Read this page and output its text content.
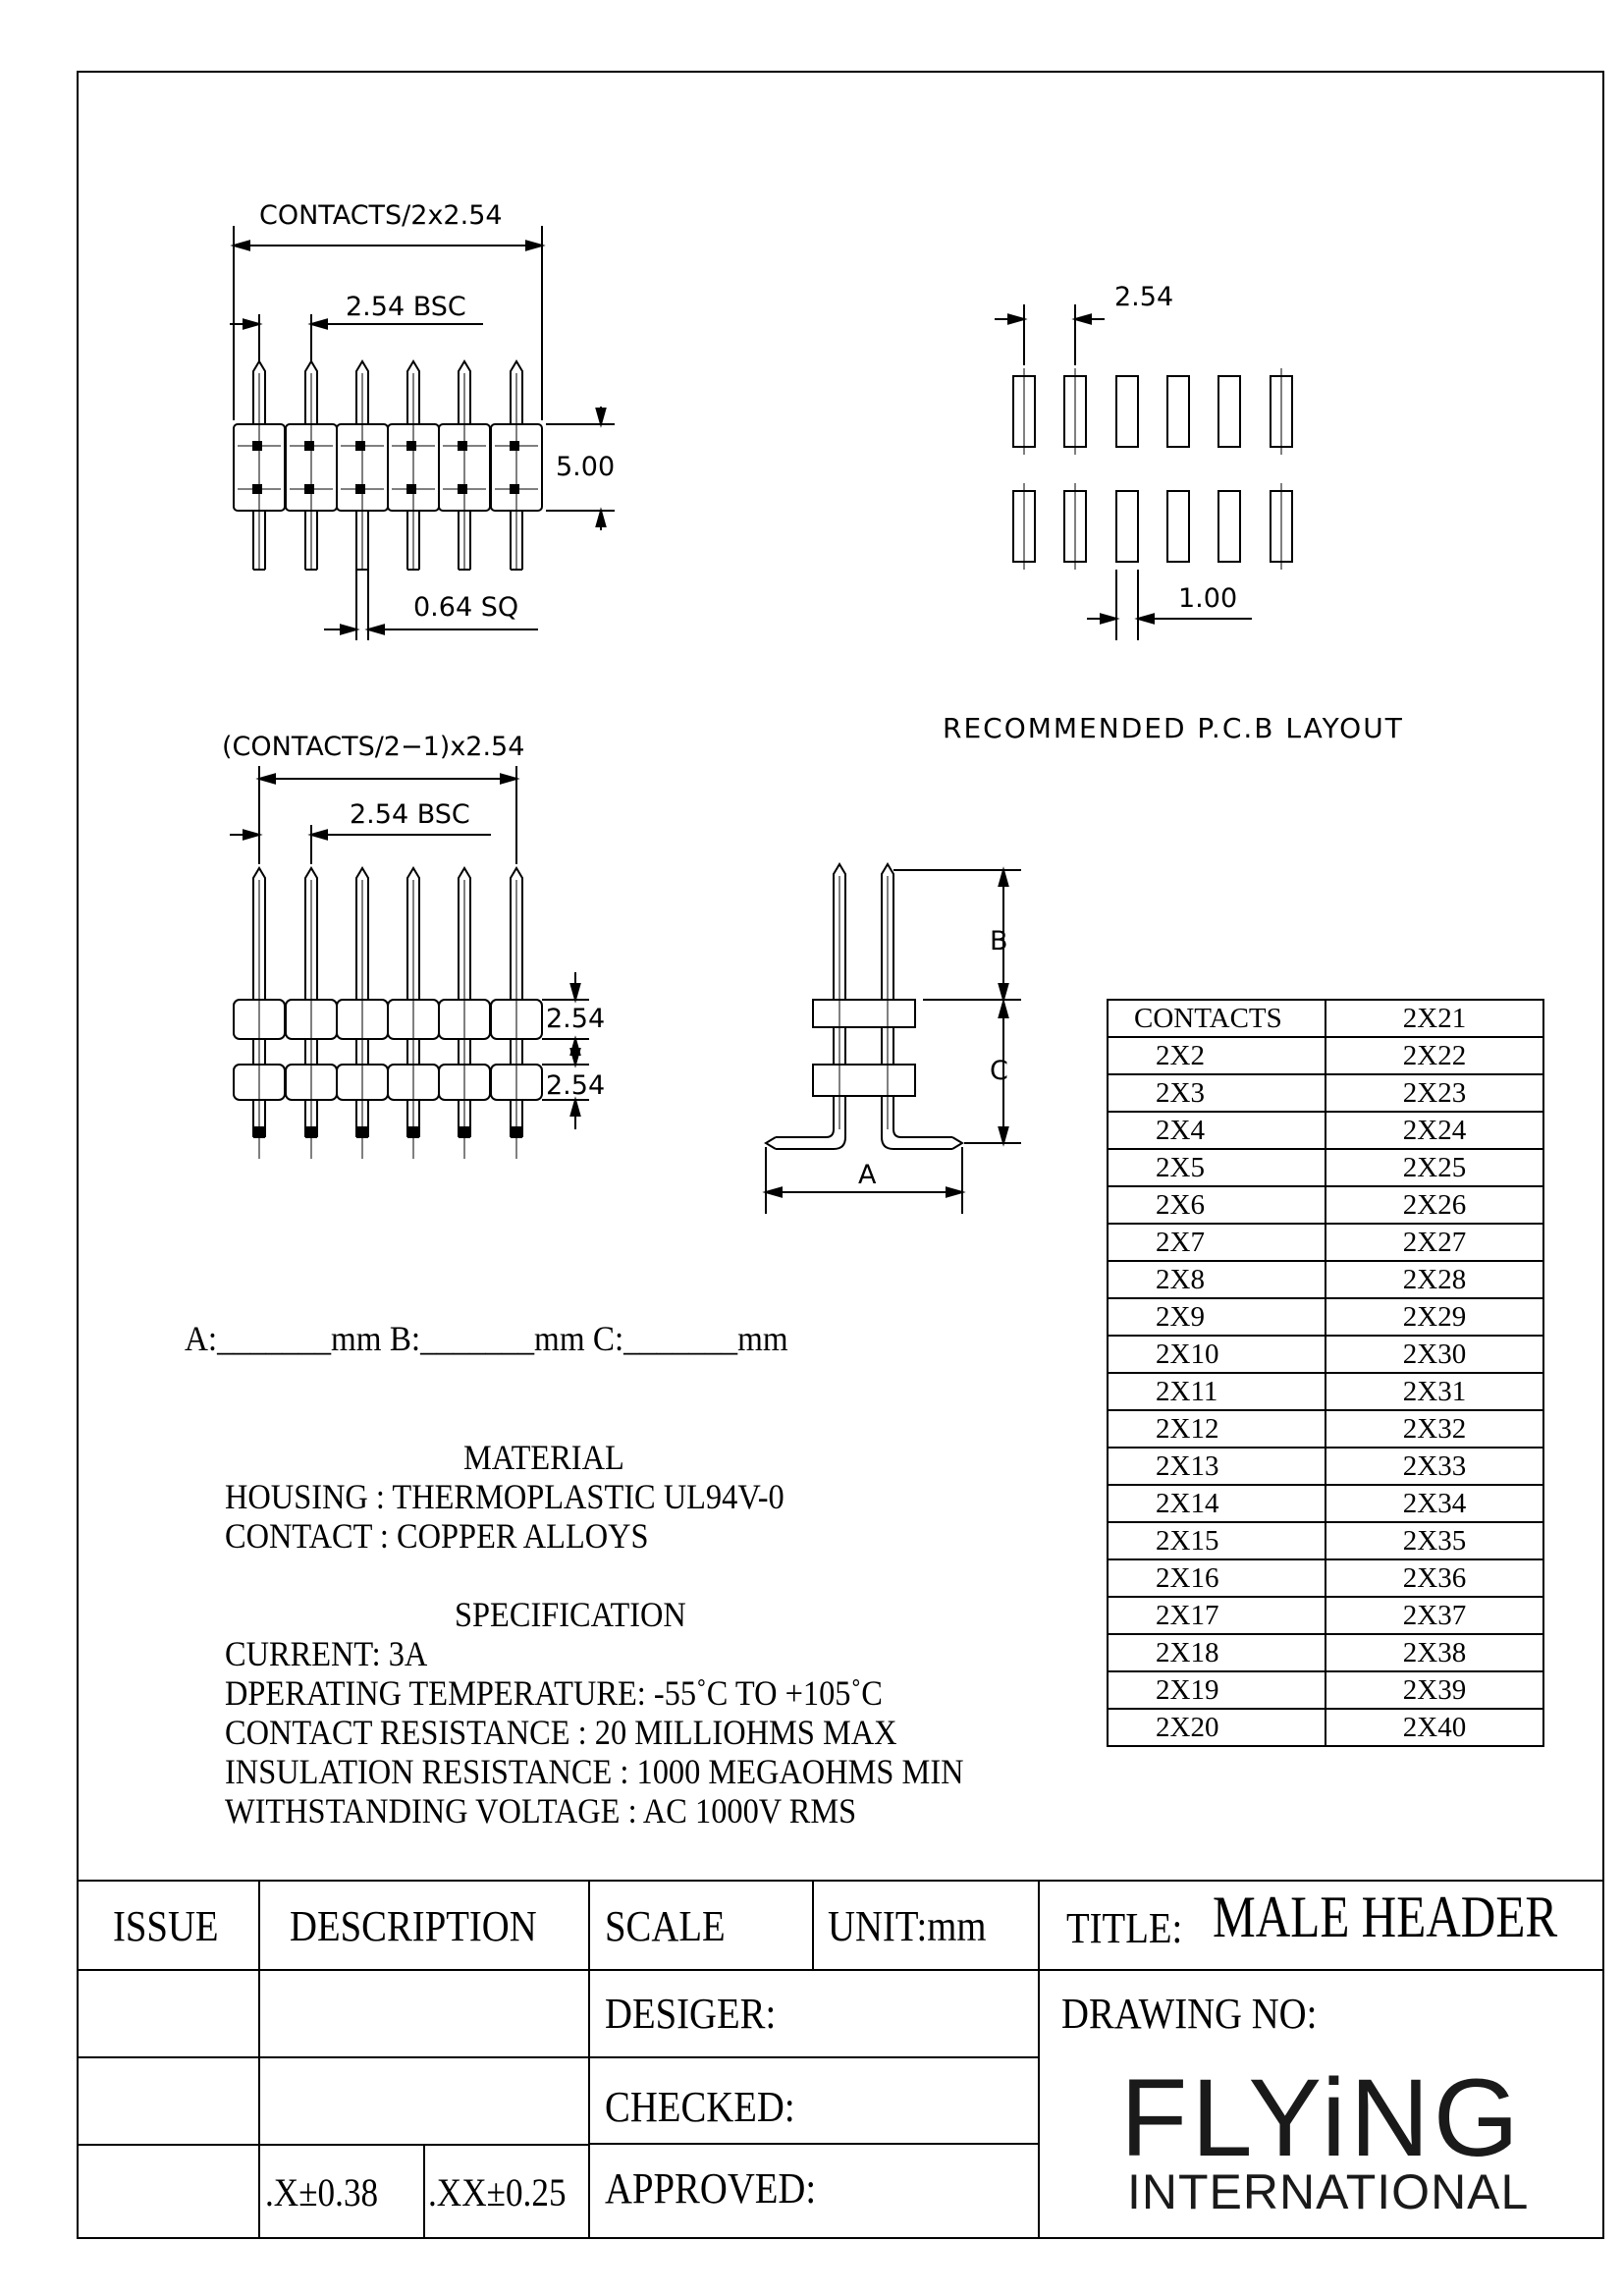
CONTACTS/2x2.54
2.54 BSC
5.00
0.64 SQ
2.54
1.00
(CONTACTS/2−1)x2.54
2.54 BSC
2.54
2.54
B
C
A
RECOMMENDED P.C.B LAYOUT
A:_______mm B:_______mm C:_______mm
MATERIAL
HOUSING : THERMOPLASTIC UL94V-0
CONTACT : COPPER ALLOYS
SPECIFICATION
CURRENT: 3A
DPERATING TEMPERATURE: -55˚C TO +105˚C
CONTACT RESISTANCE : 20 MILLIOHMS MAX
INSULATION RESISTANCE : 1000 MEGAOHMS MIN
WITHSTANDING VOLTAGE : AC 1000V RMS
CONTACTS	2X21
2X2	2X22
2X3	2X23
2X4	2X24
2X5	2X25
2X6	2X26
2X7	2X27
2X8	2X28
2X9	2X29
2X10	2X30
2X11	2X31
2X12	2X32
2X13	2X33
2X14	2X34
2X15	2X35
2X16	2X36
2X17	2X37
2X18	2X38
2X19	2X39
2X20	2X40
ISSUE DESCRIPTION SCALE UNIT:mm TITLE: MALE HEADER
DESIGER:	DRAWING NO:
CHECKED:
APPROVED:
.X±0.38 .XX±0.25
FLYiNG
INTERNATIONAL
